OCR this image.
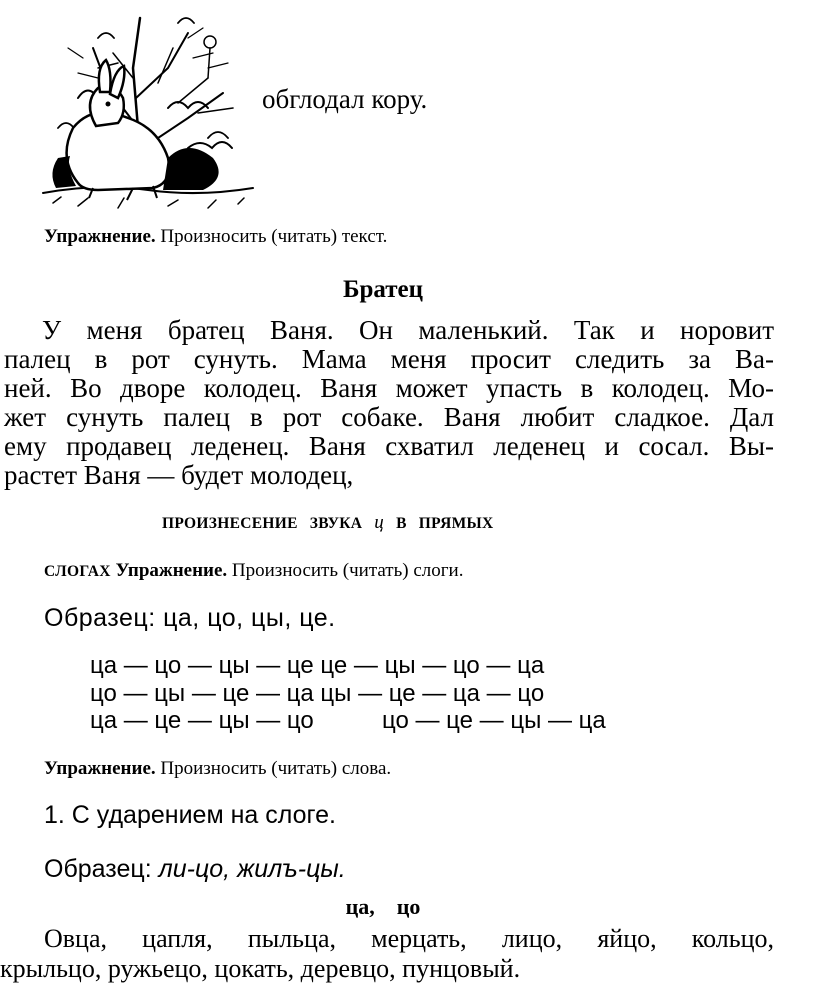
обглодал кору.
Упражнение. Произносить (читать) текст.
Братец
У меня братец Ваня. Он маленький. Так и норовит
палец в рот сунуть. Мама меня просит следить за Ва-
ней. Во дворе колодец. Ваня может упасть в колодец. Мо-
жет сунуть палец в рот собаке. Ваня любит сладкое. Дал
ему продавец леденец. Ваня схватил леденец и сосал. Вы-
растет Ваня — будет молодец,
ПРОИЗНЕСЕНИЕ ЗВУКА ц В ПРЯМЫХ
СЛОГАХ Упражнение. Произносить (читать) слоги.
Образец: ца, цо, цы, це.
ца — цо — цы — це це — цы — цо — ца
цо — цы — це — ца цы — це — ца — цо
ца — це — цы — цо	цо — це — цы — ца
Упражнение. Произносить (читать) слова.
1. С ударением на слоге.
Образец: ли-цо, жилъ-цы.
ца,    цо
Овца, цапля, пыльца, мерцать, лицо, яйцо, кольцо,
крыльцо, ружьецо, цокать, деревцо, пунцовый.
